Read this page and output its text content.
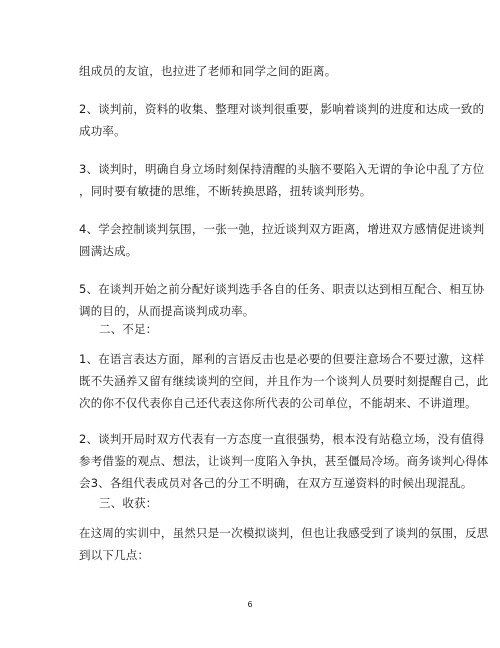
组成员的友谊，也拉进了老师和同学之间的距离。
2、谈判前，资料的收集、整理对谈判很重要，影响着谈判的进度和达成一致的
成功率。
3、谈判时，明确自身立场时刻保持清醒的头脑不要陷入无谓的争论中乱了方位
，同时要有敏捷的思维，不断转换思路，扭转谈判形势。
4、学会控制谈判氛围，一张一弛，拉近谈判双方距离，增进双方感情促进谈判
圆满达成。
5、在谈判开始之前分配好谈判选手各自的任务、职责以达到相互配合、相互协
调的目的，从而提高谈判成功率。
二、不足：
1、在语言表达方面，犀利的言语反击也是必要的但要注意场合不要过激，这样
既不失涵养又留有继续谈判的空间，并且作为一个谈判人员要时刻提醒自己，此
次的你不仅代表你自己还代表这你所代表的公司单位，不能胡来、不讲道理。
2、谈判开局时双方代表有一方态度一直很强势，根本没有站稳立场，没有值得
参考借鉴的观点、想法，让谈判一度陷入争执，甚至僵局冷场。商务谈判心得体
会3、各组代表成员对各己的分工不明确，在双方互递资料的时候出现混乱。
三、收获：
在这周的实训中，虽然只是一次模拟谈判，但也让我感受到了谈判的氛围，反思
到以下几点：
6
